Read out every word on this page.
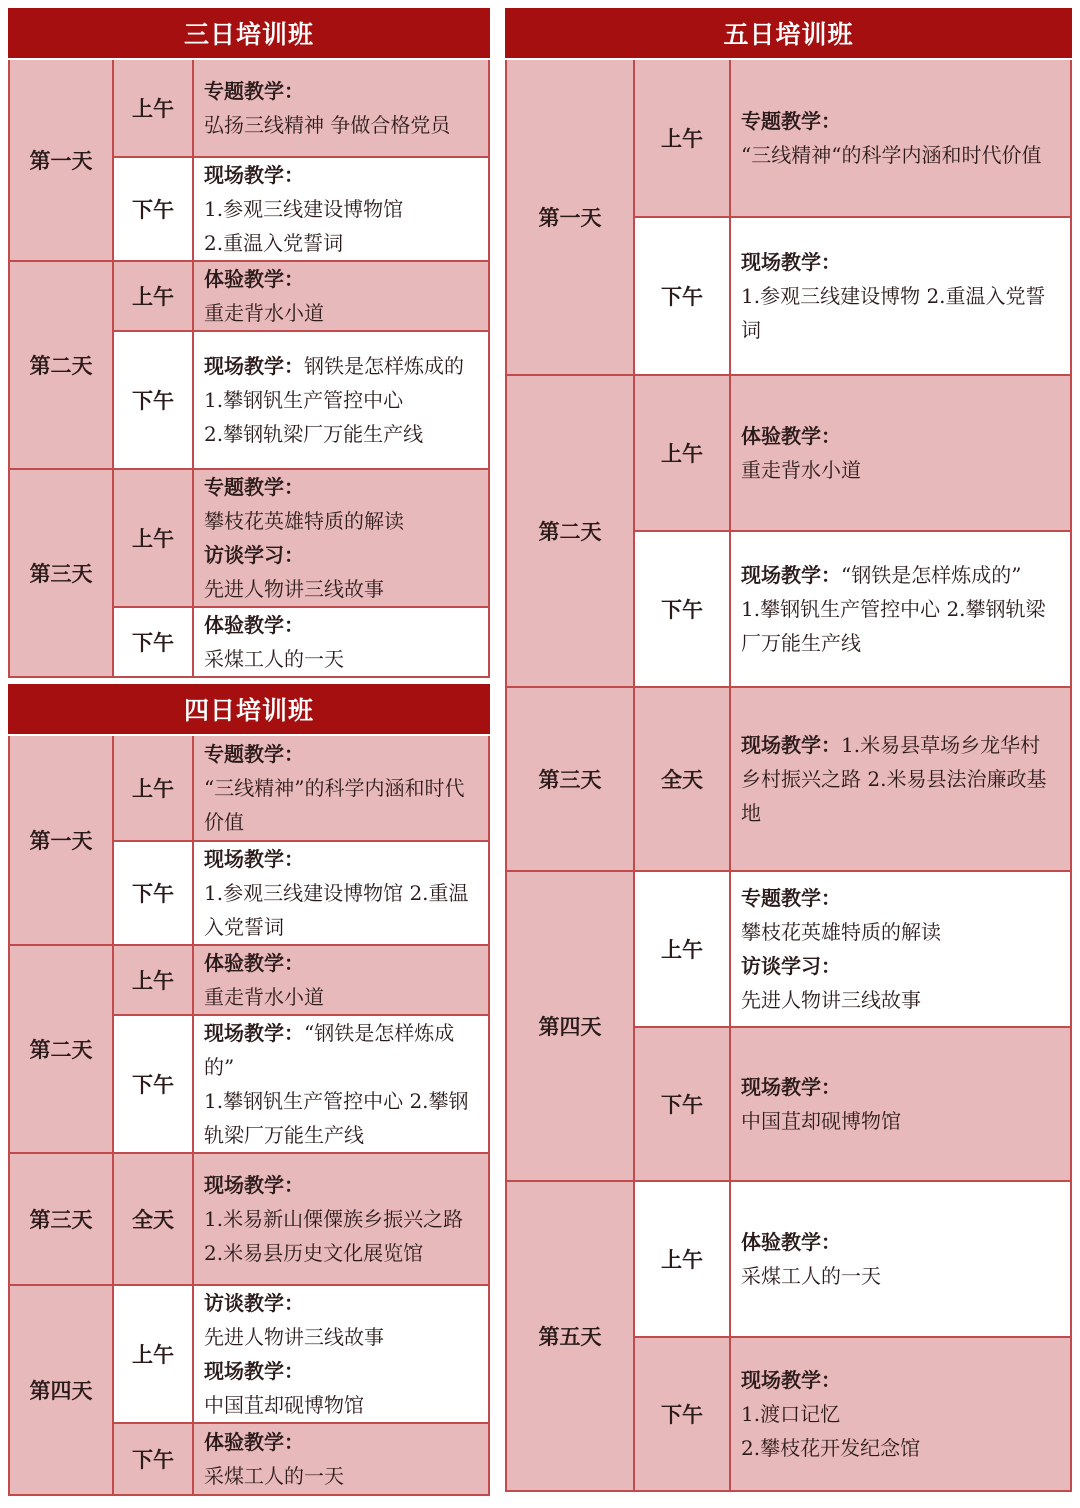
三日培训班
第一天
上午
专题教学：
弘扬三线精神 争做合格党员
下午
现场教学：
1.参观三线建设博物馆
2.重温入党誓词
第二天
上午
体验教学：
重走背水小道
下午
现场教学：钢铁是怎样炼成的
1.攀钢钒生产管控中心
2.攀钢轨梁厂万能生产线
第三天
上午
专题教学：
攀枝花英雄特质的解读
访谈学习：
先进人物讲三线故事
下午
体验教学：
采煤工人的一天
四日培训班
第一天
上午
专题教学：
“三线精神”的科学内涵和时代价值
下午
现场教学：
1.参观三线建设博物馆 2.重温入党誓词
第二天
上午
体验教学：
重走背水小道
下午
现场教学：“钢铁是怎样炼成的”
1.攀钢钒生产管控中心 2.攀钢轨梁厂万能生产线
第三天	全天
现场教学：
1.米易新山傈僳族乡振兴之路 2.米易县历史文化展览馆
第四天
上午
访谈教学：
先进人物讲三线故事
现场教学：
中国苴却砚博物馆
下午
体验教学：
采煤工人的一天
五日培训班
第一天
上午
专题教学：
“三线精神“的科学内涵和时代价值
下午
现场教学：
1.参观三线建设博物 2.重温入党誓词
第二天
上午
体验教学：
重走背水小道
下午
现场教学：“钢铁是怎样炼成的”
1.攀钢钒生产管控中心 2.攀钢轨梁厂万能生产线
第三天	全天
现场教学：1.米易县草场乡龙华村乡村振兴之路 2.米易县法治廉政基地
第四天
上午
专题教学：
攀枝花英雄特质的解读
访谈学习：
先进人物讲三线故事
下午
现场教学：
中国苴却砚博物馆
第五天
上午
体验教学：
采煤工人的一天
下午
现场教学：
1.渡口记忆
2.攀枝花开发纪念馆
